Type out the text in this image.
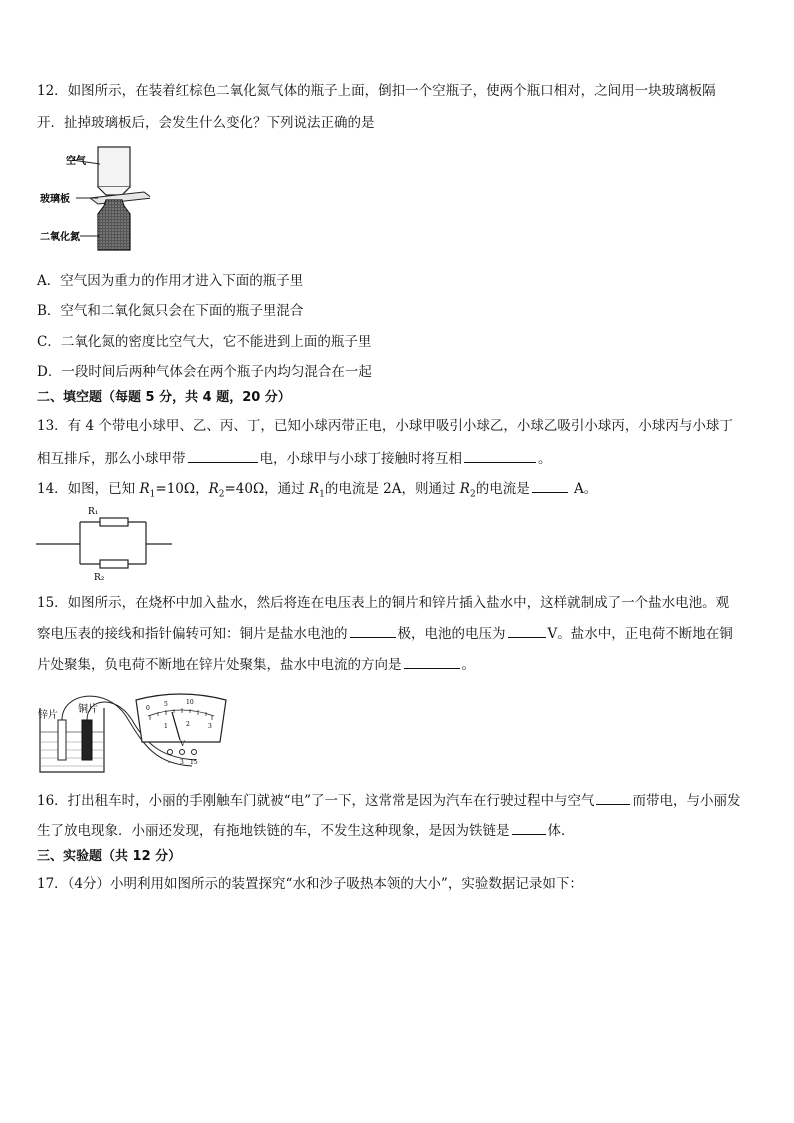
12．如图所示，在装着红棕色二氧化氮气体的瓶子上面，倒扣一个空瓶子，使两个瓶口相对，之间用一块玻璃板隔
开．扯掉玻璃板后，会发生什么变化？下列说法正确的是
空气
玻璃板
二氧化氮
A．空气因为重力的作用才进入下面的瓶子里
B．空气和二氧化氮只会在下面的瓶子里混合
C．二氧化氮的密度比空气大，它不能进到上面的瓶子里
D．一段时间后两种气体会在两个瓶子内均匀混合在一起
二、填空题（每题 5 分，共 4 题，20 分）
13．有 4 个带电小球甲、乙、丙、丁，已知小球丙带正电，小球甲吸引小球乙，小球乙吸引小球丙，小球丙与小球丁
相互排斥，那么小球甲带	电，小球甲与小球丁接触时将互相	。
14．如图，已知 $R_1=10\Omega$，$R_2=40\Omega$，通过 $R_1$的电流是 2A，则通过 $R_2$的电流是	A。
R₁
R₂
15．如图所示，在烧杯中加入盐水，然后将连在电压表上的铜片和锌片插入盐水中，这样就制成了一个盐水电池。观
察电压表的接线和指针偏转可知：铜片是盐水电池的	极，电池的电压为	V。盐水中，正电荷不断地在铜
片处聚集，负电荷不断地在锌片处聚集，盐水中电流的方向是	。
锌片
铜片	0
5	10
1	2	3
V
- 3 15
16．打出租车时，小丽的手刚触车门就被“电”了一下，这常常是因为汽车在行驶过程中与空气	而带电，与小丽发
生了放电现象．小丽还发现，有拖地铁链的车，不发生这种现象，是因为铁链是	体．
三、实验题（共 12 分）
17．（4分）小明利用如图所示的装置探究“水和沙子吸热本领的大小”，实验数据记录如下：
